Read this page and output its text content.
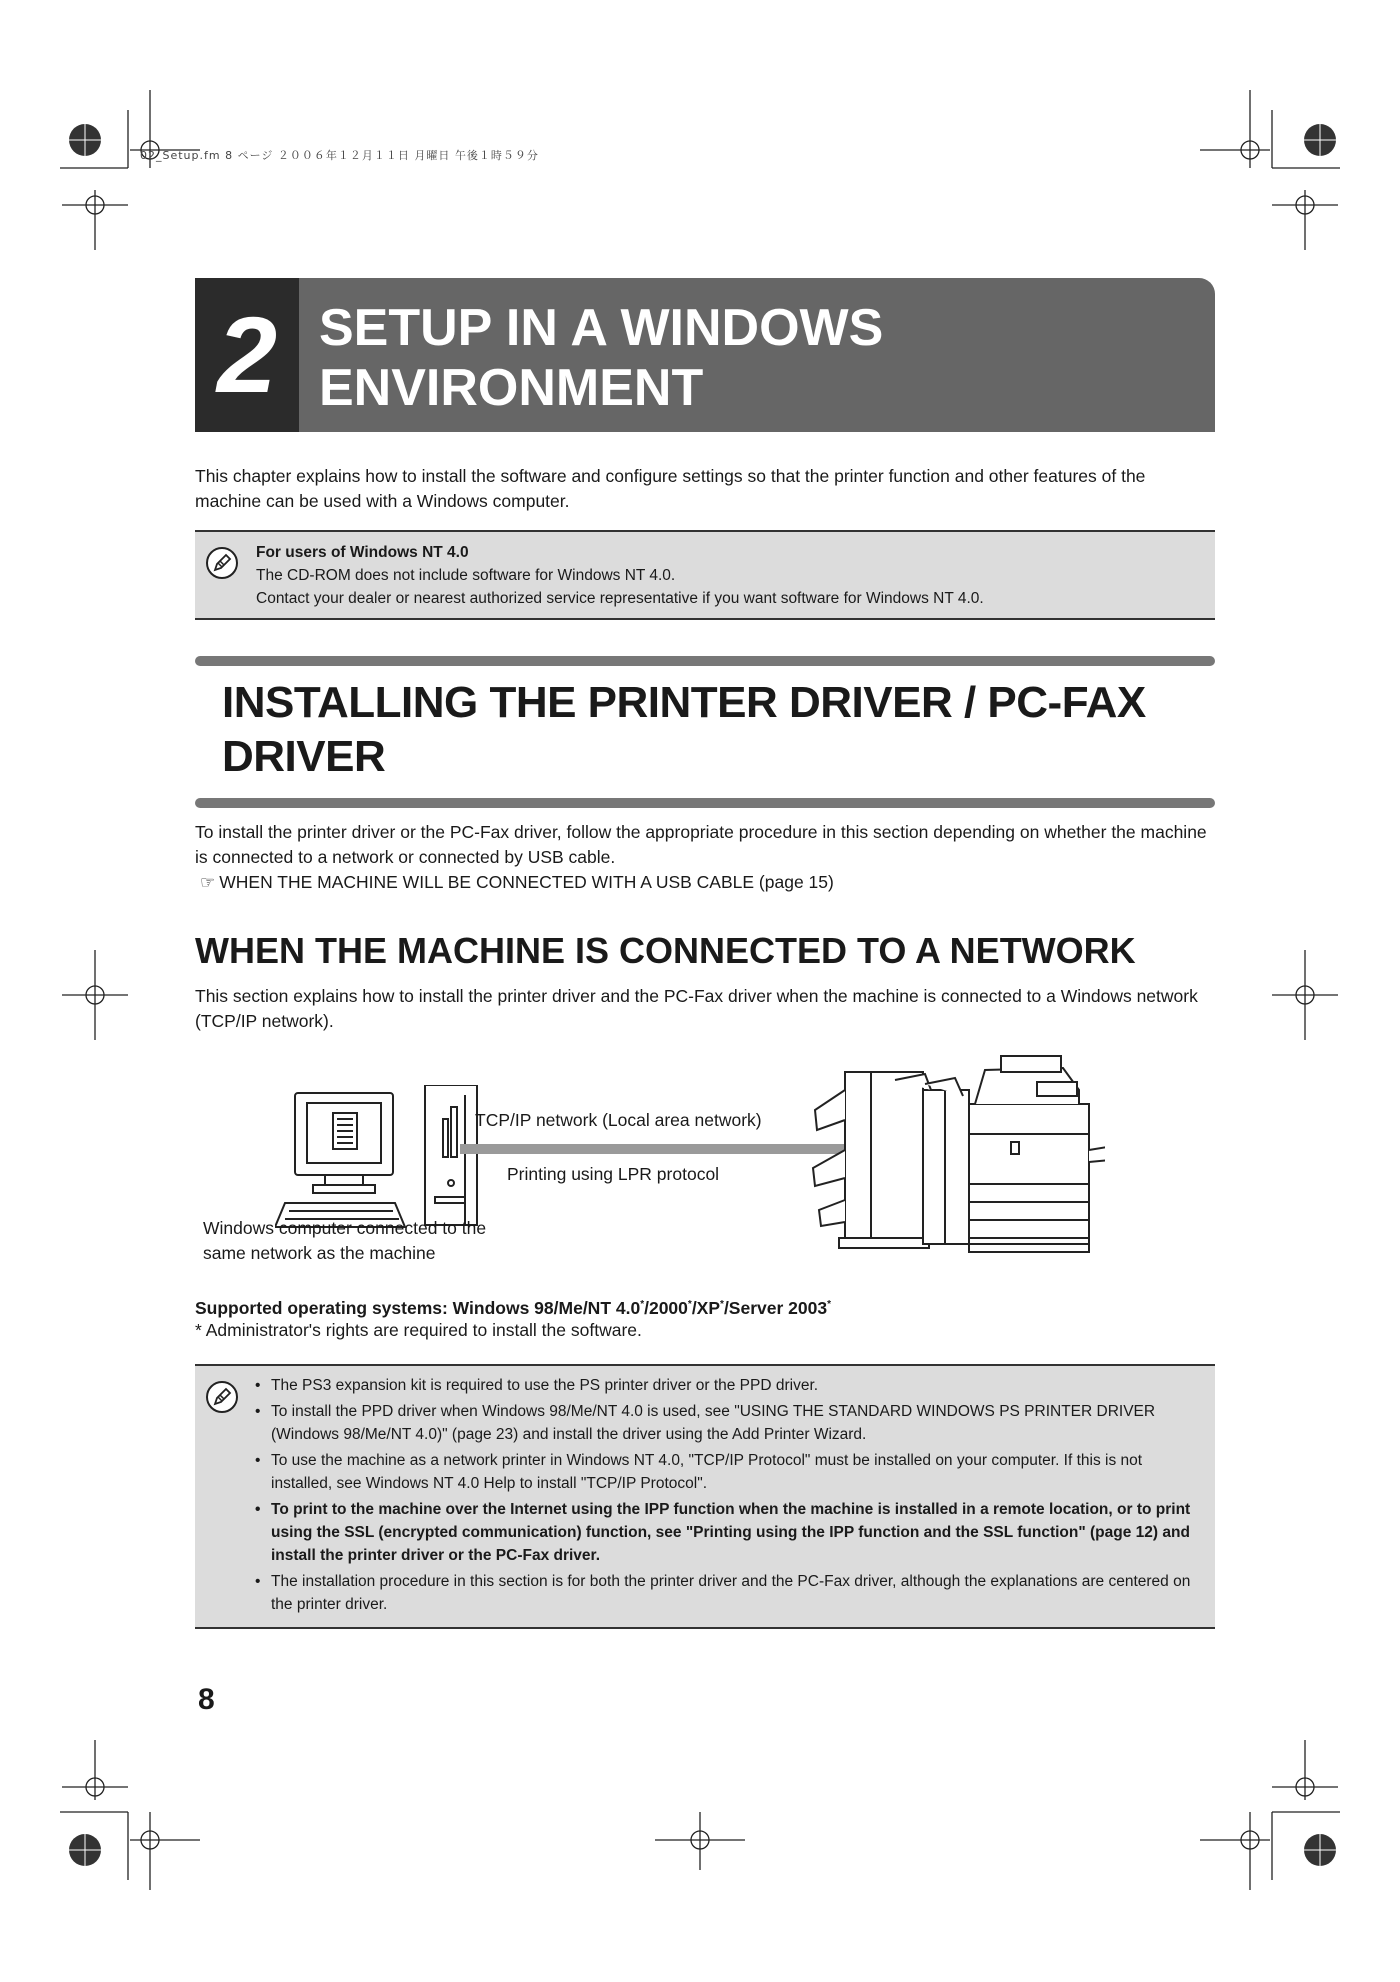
02_Setup.fm 8 ページ ２００６年１２月１１日 月曜日 午後１時５９分
2 SETUP IN A WINDOWS
ENVIRONMENT
This chapter explains how to install the software and configure settings so that the printer function and other features of the machine can be used with a Windows computer.
For users of Windows NT 4.0
The CD-ROM does not include software for Windows NT 4.0.
Contact your dealer or nearest authorized service representative if you want software for Windows NT 4.0.
INSTALLING THE PRINTER DRIVER / PC-FAX
DRIVER
To install the printer driver or the PC-Fax driver, follow the appropriate procedure in this section depending on whether the machine is connected to a network or connected by USB cable.
☞ WHEN THE MACHINE WILL BE CONNECTED WITH A USB CABLE (page 15)
WHEN THE MACHINE IS CONNECTED TO A NETWORK
This section explains how to install the printer driver and the PC-Fax driver when the machine is connected to a Windows network (TCP/IP network).
TCP/IP network (Local area network)
Printing using LPR protocol
Windows computer connected to the
same network as the machine
Supported operating systems: Windows 98/Me/NT 4.0*/2000*/XP*/Server 2003*
* Administrator's rights are required to install the software.
• The PS3 expansion kit is required to use the PS printer driver or the PPD driver.
• To install the PPD driver when Windows 98/Me/NT 4.0 is used, see "USING THE STANDARD WINDOWS PS PRINTER DRIVER (Windows 98/Me/NT 4.0)" (page 23) and install the driver using the Add Printer Wizard.
• To use the machine as a network printer in Windows NT 4.0, "TCP/IP Protocol" must be installed on your computer. If this is not installed, see Windows NT 4.0 Help to install "TCP/IP Protocol".
• To print to the machine over the Internet using the IPP function when the machine is installed in a remote location, or to print using the SSL (encrypted communication) function, see "Printing using the IPP function and the SSL function" (page 12) and install the printer driver or the PC-Fax driver.
• The installation procedure in this section is for both the printer driver and the PC-Fax driver, although the explanations are centered on the printer driver.
8
